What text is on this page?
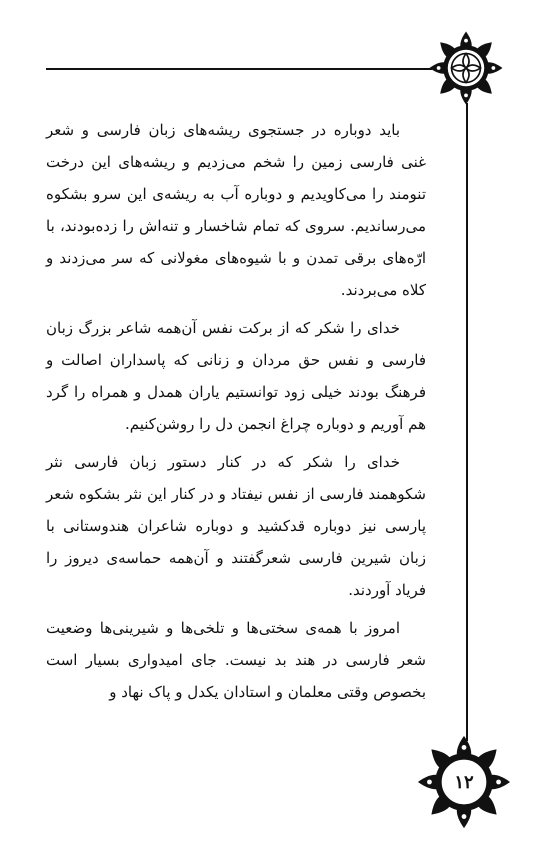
باید دوباره در جستجوی ریشه‌های زبان فارسی و شعر غنی فارسی زمین را شخم می‌زدیم و ریشه‌های این درخت تنومند را می‌کاویدیم و دوباره آب به ریشه‌ی این سرو بشکوه می‌رساندیم. سروی که تمام شاخسار و تنه‌اش را زده‌بودند، با ارّه‌های برقی تمدن و با شیوه‌های مغولانی که سر می‌زدند و کلاه می‌بردند.

خدای را شکر که از برکت نفس آن‌همه شاعر بزرگ زبان فارسی و نفس حق مردان و زنانی که پاسداران اصالت و فرهنگ بودند خیلی زود توانستیم یاران همدل و همراه را گرد هم آوریم و دوباره چراغ انجمن دل را روشن‌کنیم.

خدای را شکر که در کنار دستور زبان فارسی نثر شکوهمند فارسی از نفس نیفتاد و در کنار این نثر بشکوه شعر پارسی نیز دوباره قدکشید و دوباره شاعران هندوستانی با زبان شیرین فارسی شعرگفتند و آن‌همه حماسه‌ی دیروز را فریاد آوردند.

امروز با همه‌ی سختی‌ها و تلخی‌ها و شیرینی‌ها وضعیت شعر فارسی در هند بد نیست. جای امیدواری بسیار است بخصوص وقتی معلمان و استادان یکدل و پاک نهاد و

۱۲
